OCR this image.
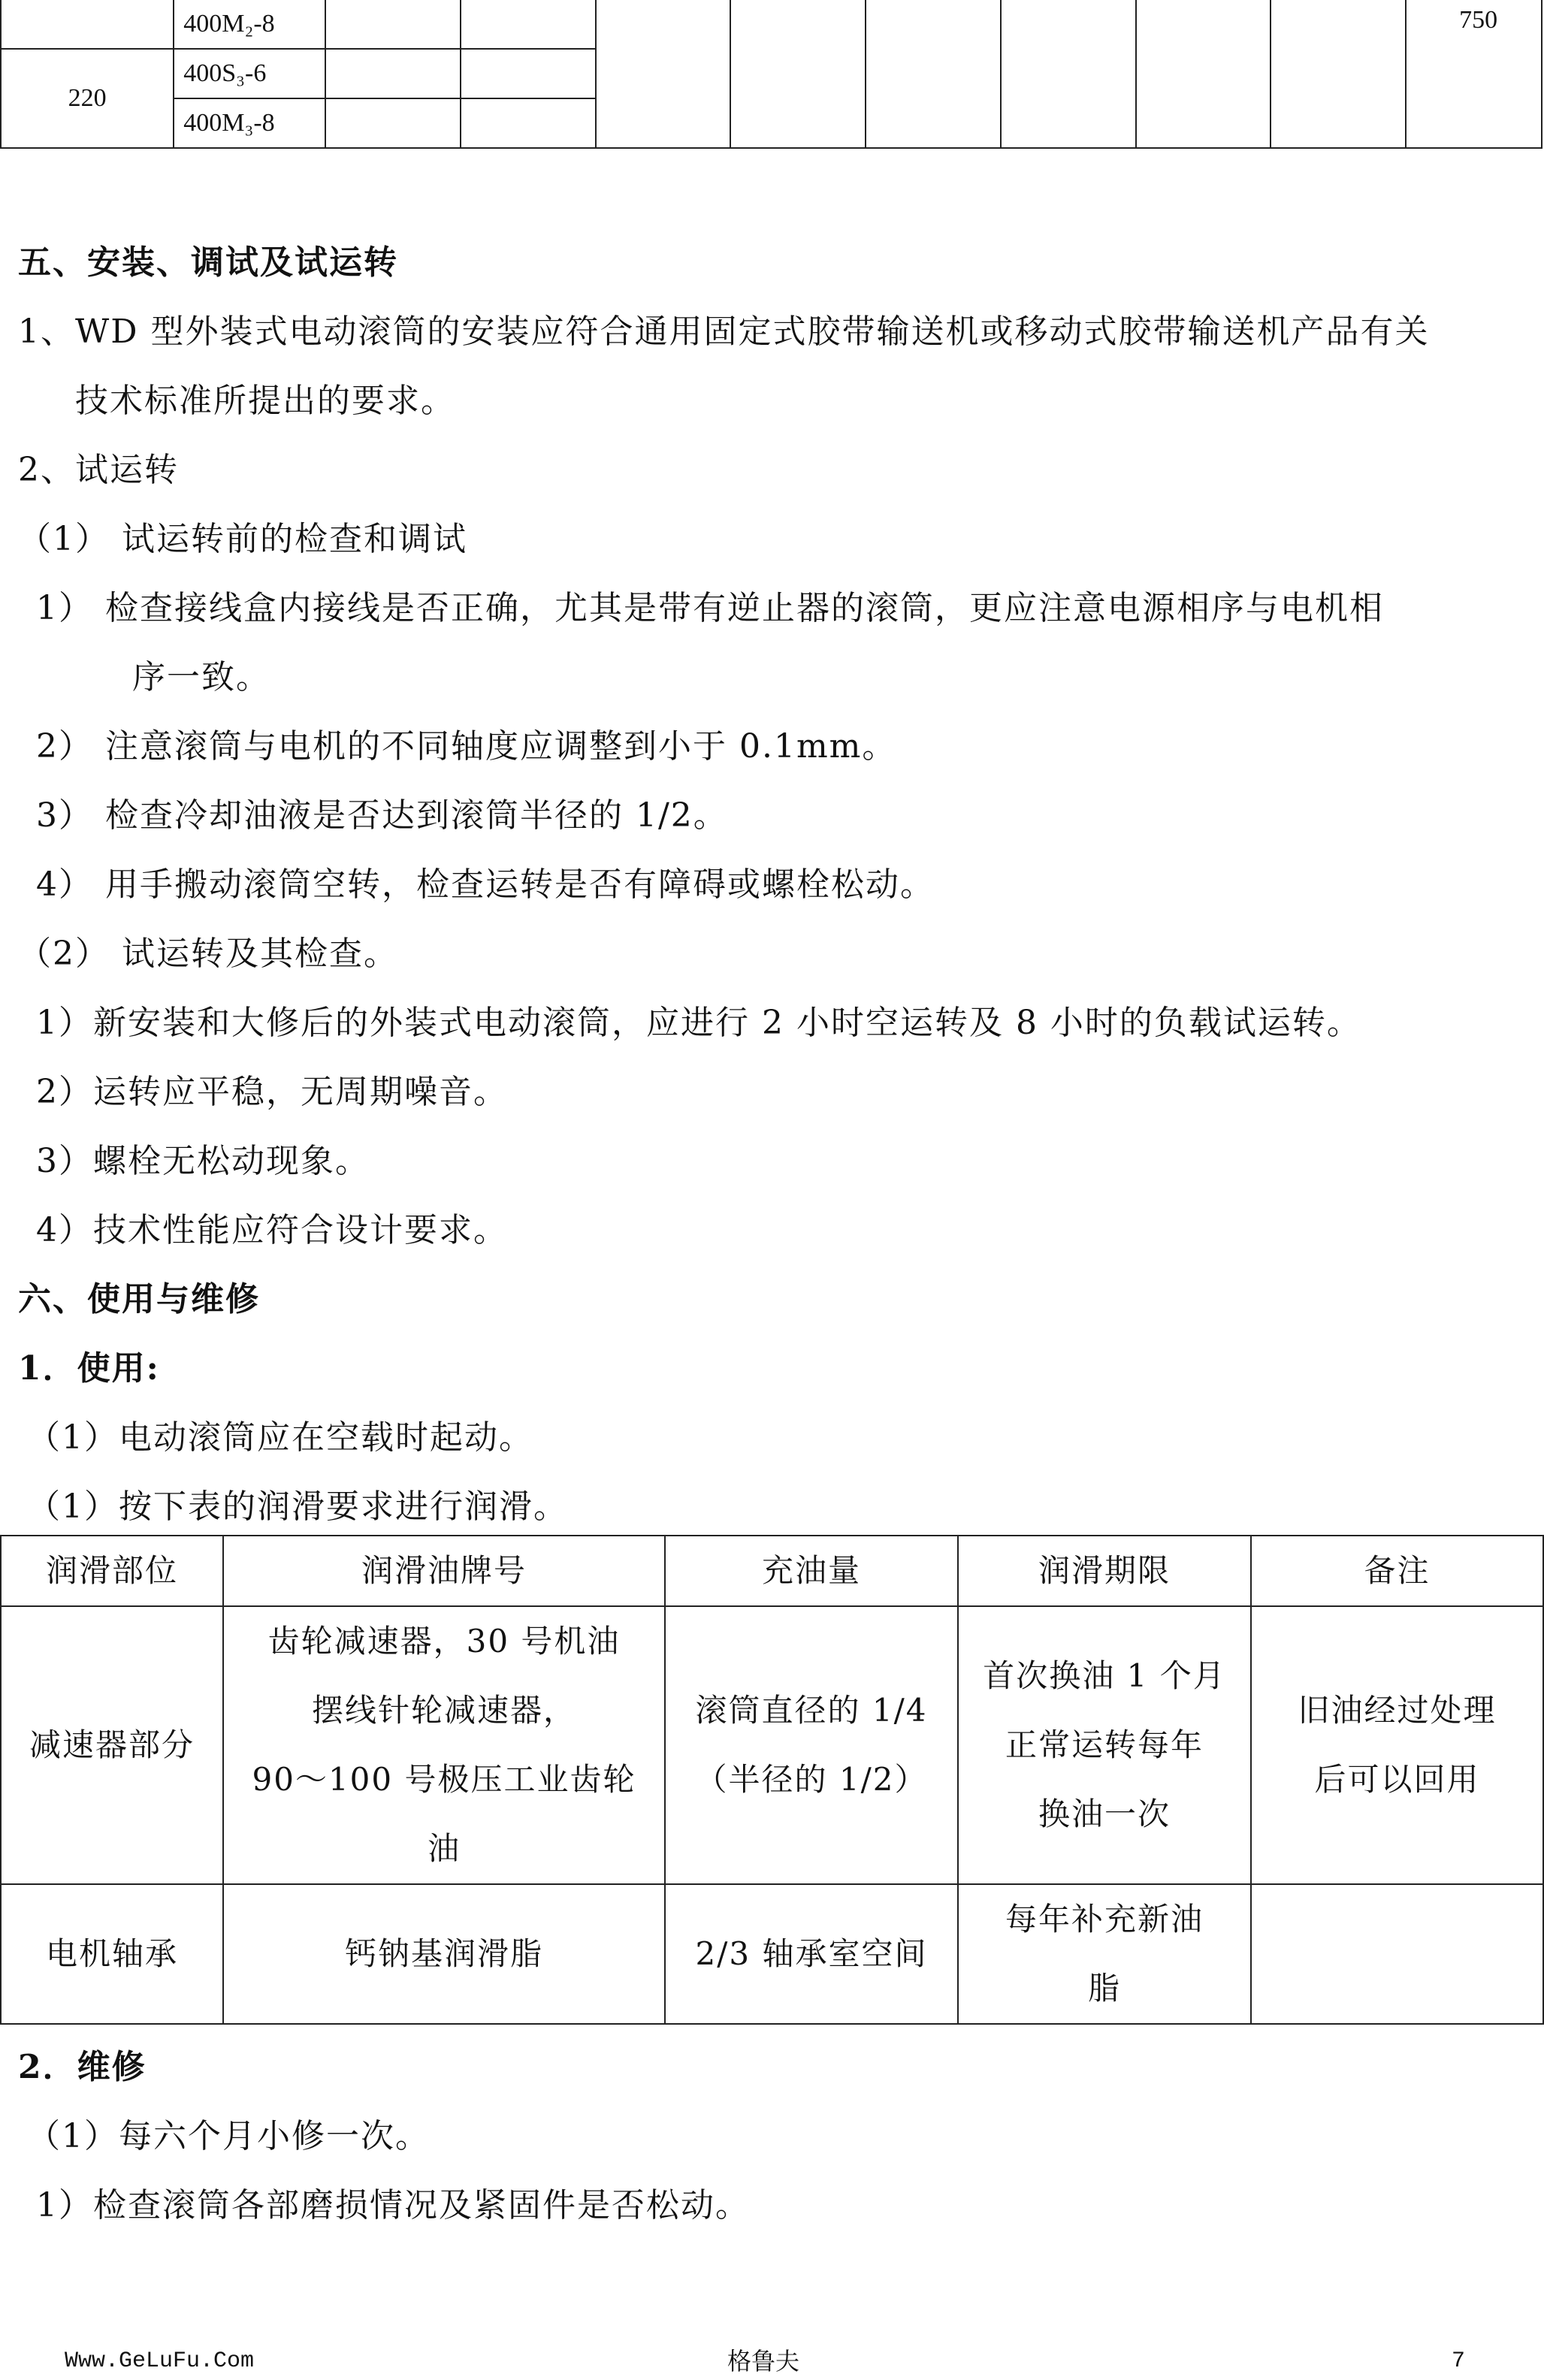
	400M₂-8									750
220	400S₃-6									
	400M₃-8									
五、安装、调试及试运转
1、WD 型外装式电动滚筒的安装应符合通用固定式胶带输送机或移动式胶带输送机产品有关
技术标准所提出的要求。
2、试运转
（1） 试运转前的检查和调试
1） 检查接线盒内接线是否正确，尤其是带有逆止器的滚筒，更应注意电源相序与电机相
序一致。
2） 注意滚筒与电机的不同轴度应调整到小于 0.1mm。
3） 检查冷却油液是否达到滚筒半径的 1/2。
4） 用手搬动滚筒空转，检查运转是否有障碍或螺栓松动。
（2） 试运转及其检查。
1）新安装和大修后的外装式电动滚筒，应进行 2 小时空运转及 8 小时的负载试运转。
2）运转应平稳，无周期噪音。
3）螺栓无松动现象。
4）技术性能应符合设计要求。
六、使用与维修
1．使用:
（1）电动滚筒应在空载时起动。
（1）按下表的润滑要求进行润滑。
润滑部位	润滑油牌号	充油量	润滑期限	备注
减速器部分	齿轮减速器，30 号机油
摆线针轮减速器，
90～100 号极压工业齿轮
油	滚筒直径的 1/4
（半径的 1/2）	首次换油 1 个月
正常运转每年
换油一次	旧油经过处理
后可以回用

电机轴承	钙钠基润滑脂	2/3 轴承室空间	每年补充新油
脂	

2．维修
（1）每六个月小修一次。
1）检查滚筒各部磨损情况及紧固件是否松动。
Www.GeLuFu.Com	格鲁夫	7
